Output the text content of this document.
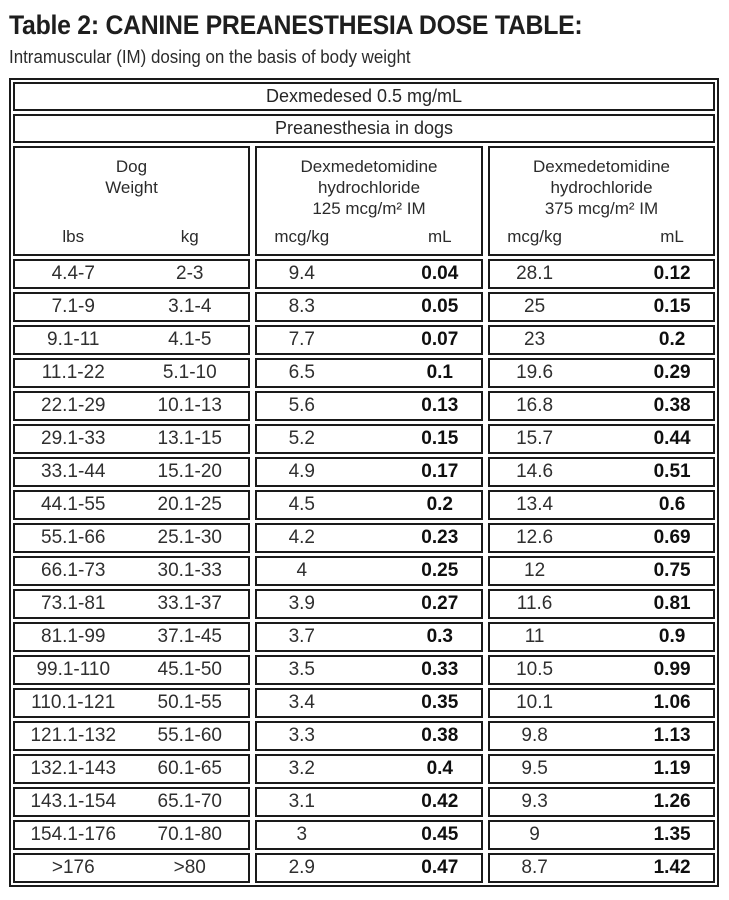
Table 2: CANINE PREANESTHESIA DOSE TABLE:
Intramuscular (IM) dosing on the basis of body weight
Dexmedesed 0.5 mg/mL
Preanesthesia in dogs
Dog
Weight
lbs	kg
Dexmedetomidine
hydrochloride
125 mcg/m² IM
mcg/kg	mL
Dexmedetomidine
hydrochloride
375 mcg/m² IM
mcg/kg	mL
4.4-7	2-3	9.4	0.04	28.1	0.12
7.1-9	3.1-4	8.3	0.05	25	0.15
9.1-11	4.1-5	7.7	0.07	23	0.2
11.1-22	5.1-10	6.5	0.1	19.6	0.29
22.1-29	10.1-13	5.6	0.13	16.8	0.38
29.1-33	13.1-15	5.2	0.15	15.7	0.44
33.1-44	15.1-20	4.9	0.17	14.6	0.51
44.1-55	20.1-25	4.5	0.2	13.4	0.6
55.1-66	25.1-30	4.2	0.23	12.6	0.69
66.1-73	30.1-33	4	0.25	12	0.75
73.1-81	33.1-37	3.9	0.27	11.6	0.81
81.1-99	37.1-45	3.7	0.3	11	0.9
99.1-110	45.1-50	3.5	0.33	10.5	0.99
110.1-121	50.1-55	3.4	0.35	10.1	1.06
121.1-132	55.1-60	3.3	0.38	9.8	1.13
132.1-143	60.1-65	3.2	0.4	9.5	1.19
143.1-154	65.1-70	3.1	0.42	9.3	1.26
154.1-176	70.1-80	3	0.45	9	1.35
>176	>80	2.9	0.47	8.7	1.42
